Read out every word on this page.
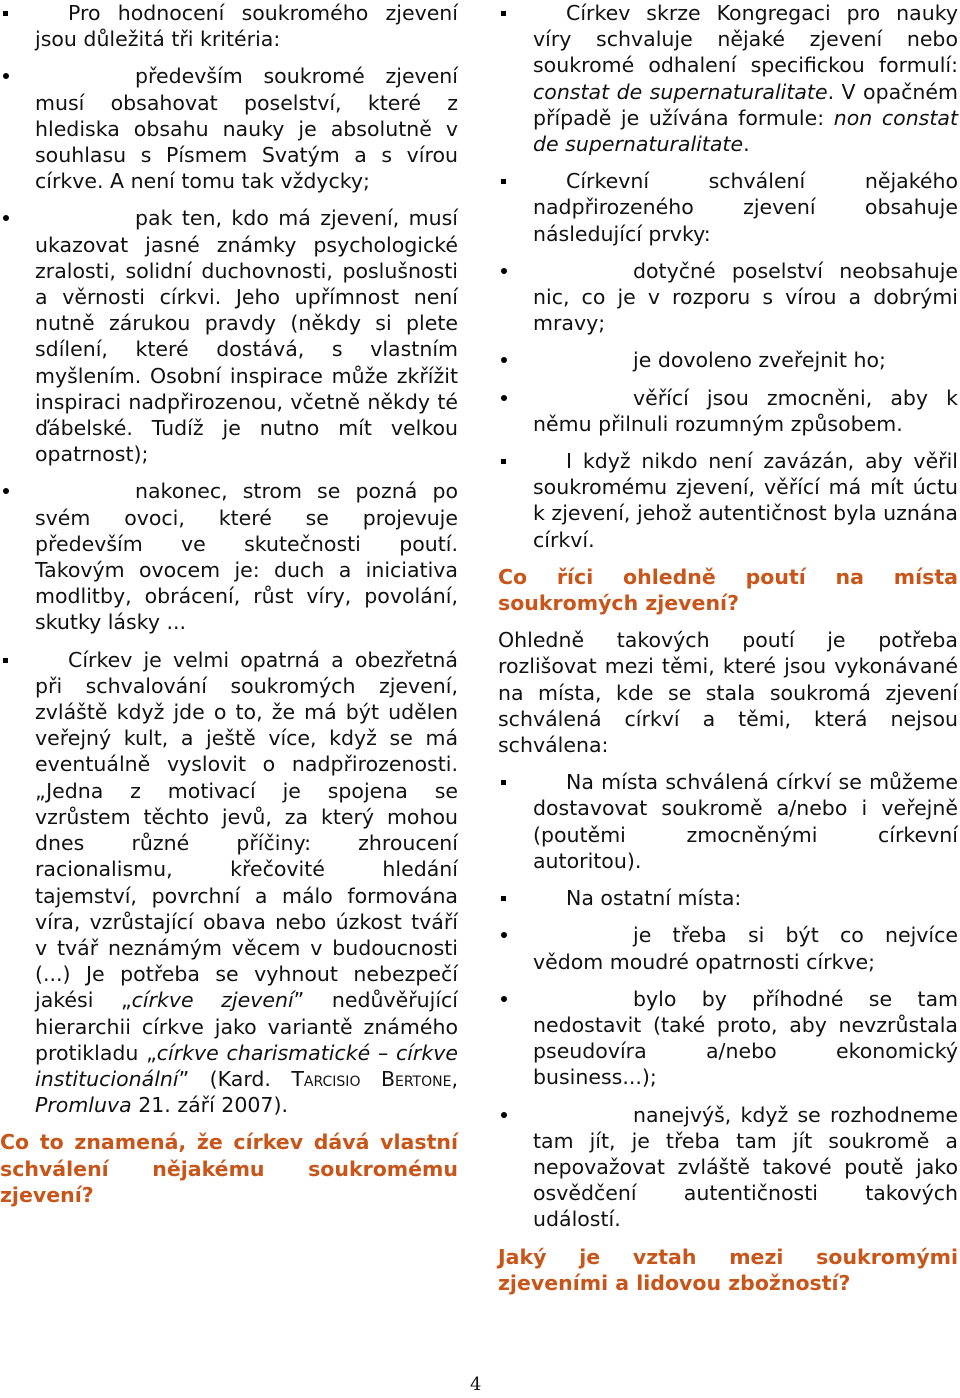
Pro hodnocení soukromého zjevení jsou důležitá tři kritéria:

především soukromé zjevení musí obsahovat poselství, které z hlediska obsahu nauky je absolutně v souhlasu s Písmem Svatým a s vírou církve. A není tomu tak vždycky;

pak ten, kdo má zjevení, musí ukazovat jasné známky psychologické zralosti, solidní duchovnosti, poslušnosti a věrnosti církvi. Jeho upřímnost není nutně zárukou pravdy (někdy si plete sdílení, které dostává, s vlastním myšlením. Osobní inspirace může zkřížit inspiraci nadpřirozenou, včetně někdy té ďábelské. Tudíž je nutno mít velkou opatrnost);

nakonec, strom se pozná po svém ovoci, které se projevuje především ve skutečnosti poutí. Takovým ovocem je: duch a iniciativa modlitby, obrácení, růst víry, povolání, skutky lásky ...

Církev je velmi opatrná a obezřetná při schvalování soukromých zjevení, zvláště když jde o to, že má být udělen veřejný kult, a ještě více, když se má eventuálně vyslovit o nadpřirozenosti. „Jedna z motivací je spojena se vzrůstem těchto jevů, za který mohou dnes různé příčiny: zhroucení racionalismu, křečovité hledání tajemství, povrchní a málo formována víra, vzrůstající obava nebo úzkost tváří v tvář neznámým věcem v budoucnosti (...) Je potřeba se vyhnout nebezpečí jakési „církve zjevení” nedůvěřující hierarchii církve jako variantě známého protikladu „církve charismatické – církve institucionální” (Kard. Tarcisio Bertone, Promluva 21. září 2007).

Co to znamená, že církev dává vlastní schválení nějakému soukromému zjevení?

Církev skrze Kongregaci pro nauky víry schvaluje nějaké zjevení nebo soukromé odhalení specifickou formulí: constat de supernaturalitate. V opačném případě je užívána formule: non constat de supernaturalitate.

Církevní schválení nějakého nadpřirozeného zjevení obsahuje následující prvky:

dotyčné poselství neobsahuje nic, co je v rozporu s vírou a dobrými mravy;

je dovoleno zveřejnit ho;

věřící jsou zmocněni, aby k němu přilnuli rozumným způsobem.

I když nikdo není zavázán, aby věřil soukromému zjevení, věřící má mít úctu k zjevení, jehož autentičnost byla uznána církví.

Co říci ohledně poutí na místa soukromých zjevení?

Ohledně takových poutí je potřeba rozlišovat mezi těmi, které jsou vykonávané na místa, kde se stala soukromá zjevení schválená církví a těmi, která nejsou schválena:

Na místa schválená církví se můžeme dostavovat soukromě a/nebo i veřejně (poutěmi zmocněnými církevní autoritou).

Na ostatní místa:

je třeba si být co nejvíce vědom moudré opatrnosti církve;

bylo by příhodné se tam nedostavit (také proto, aby nevzrůstala pseudovíra a/nebo ekonomický business...);

nanejvýš, když se rozhodneme tam jít, je třeba tam jít soukromě a nepovažovat zvláště takové poutě jako osvědčení autentičnosti takových událostí.

Jaký je vztah mezi soukromými zjeveními a lidovou zbožností?

4
